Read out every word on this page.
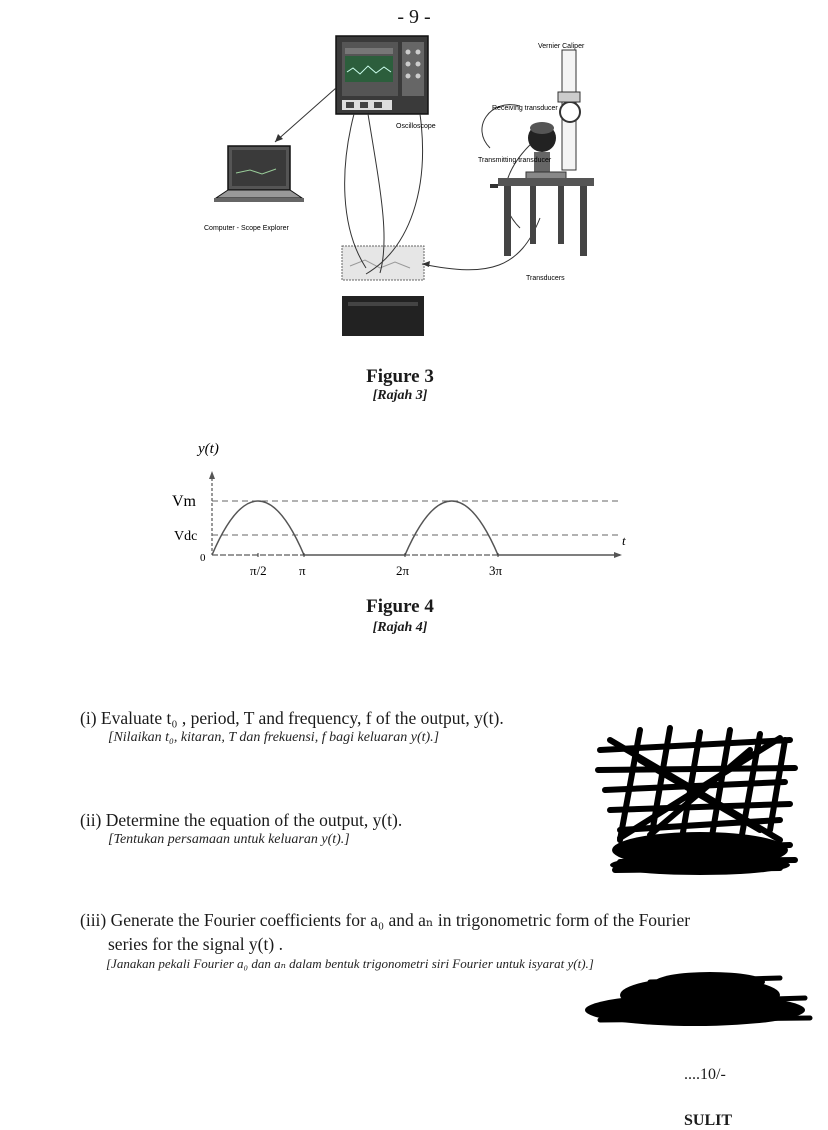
- 9 -
Oscilloscope
Computer - Scope Explorer
Vernier Caliper
Receiving transducer
Transmitting transducer
Transducers
Figure 3
[Rajah 3]
y(t)
t
Vm
Vdc
0
π/2 π	2π	3π
Figure 4
[Rajah 4]
(i) Evaluate t₀ , period, T and frequency, f of the output, y(t).
[Nilaikan t₀, kitaran, T dan frekuensi, f bagi keluaran y(t).]
(ii) Determine the equation of the output, y(t).
[Tentukan persamaan untuk keluaran y(t).]
(iii) Generate the Fourier coefficients for a₀ and aₙ in trigonometric form of the Fourier
series for the signal y(t) .
[Janakan pekali Fourier a₀ dan aₙ dalam bentuk trigonometri siri Fourier untuk isyarat y(t).]
....10/-
SULIT
